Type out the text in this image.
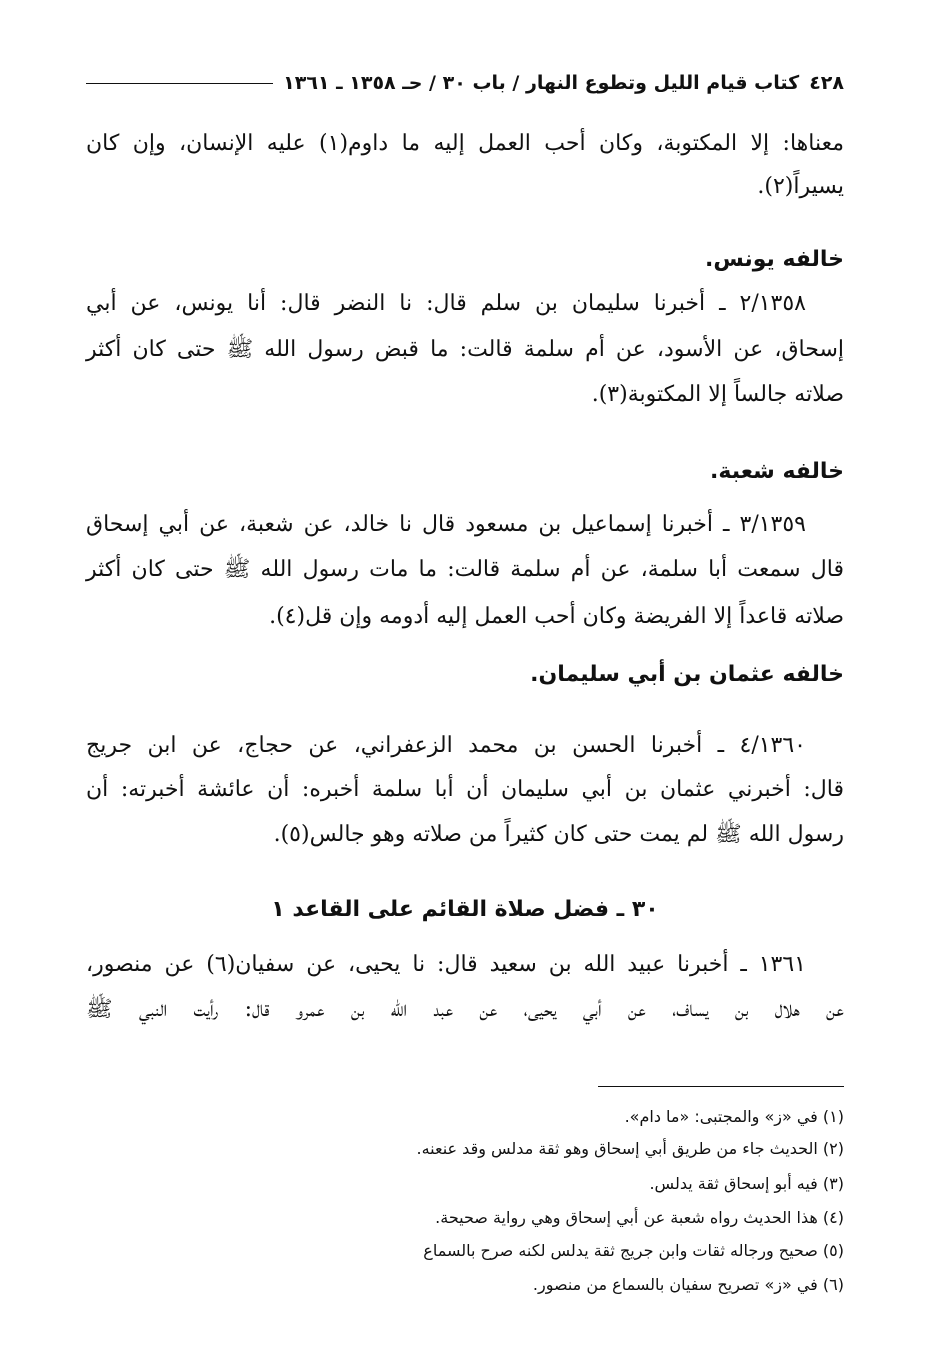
٤٢٨
كتاب قيام الليل وتطوع النهار / باب ٣٠ / حـ ١٣٥٨ ـ ١٣٦١
معناها: إلا المكتوبة، وكان أحب العمل إليه ما داوم(١) عليه الإنسان، وإن كان
يسيراً(٢).
خالفه يونس.
٢/١٣٥٨ ـ أخبرنا سليمان بن سلم قال: نا النضر قال: أنا يونس، عن أبي
إسحاق، عن الأسود، عن أم سلمة قالت: ما قبض رسول الله ﷺ حتى كان أكثر
صلاته جالساً إلا المكتوبة(٣).
خالفه شعبة.
٣/١٣٥٩ ـ أخبرنا إسماعيل بن مسعود قال نا خالد، عن شعبة، عن أبي إسحاق
قال سمعت أبا سلمة، عن أم سلمة قالت: ما مات رسول الله ﷺ حتى كان أكثر
صلاته قاعداً إلا الفريضة وكان أحب العمل إليه أدومه وإن قل(٤).
خالفه عثمان بن أبي سليمان.
٤/١٣٦٠ ـ أخبرنا الحسن بن محمد الزعفراني، عن حجاج، عن ابن جريج
قال: أخبرني عثمان بن أبي سليمان أن أبا سلمة أخبره: أن عائشة أخبرته: أن
رسول الله ﷺ لم يمت حتى كان كثيراً من صلاته وهو جالس(٥).
٣٠ ـ فضل صلاة القائم على القاعد ١
١٣٦١ ـ أخبرنا عبيد الله بن سعيد قال: نا يحيى، عن سفيان(٦) عن منصور،
عن هلال بن يساف، عن أبي يحيى، عن عبد الله بن عمرو قال: رأيت النبي ﷺ
(١) في «ز» والمجتبى: «ما دام».
(٢) الحديث جاء من طريق أبي إسحاق وهو ثقة مدلس وقد عنعنه.
(٣) فيه أبو إسحاق ثقة يدلس.
(٤) هذا الحديث رواه شعبة عن أبي إسحاق وهي رواية صحيحة.
(٥) صحيح ورجاله ثقات وابن جريج ثقة يدلس لكنه صرح بالسماع
(٦) في «ز» تصريح سفيان بالسماع من منصور.
